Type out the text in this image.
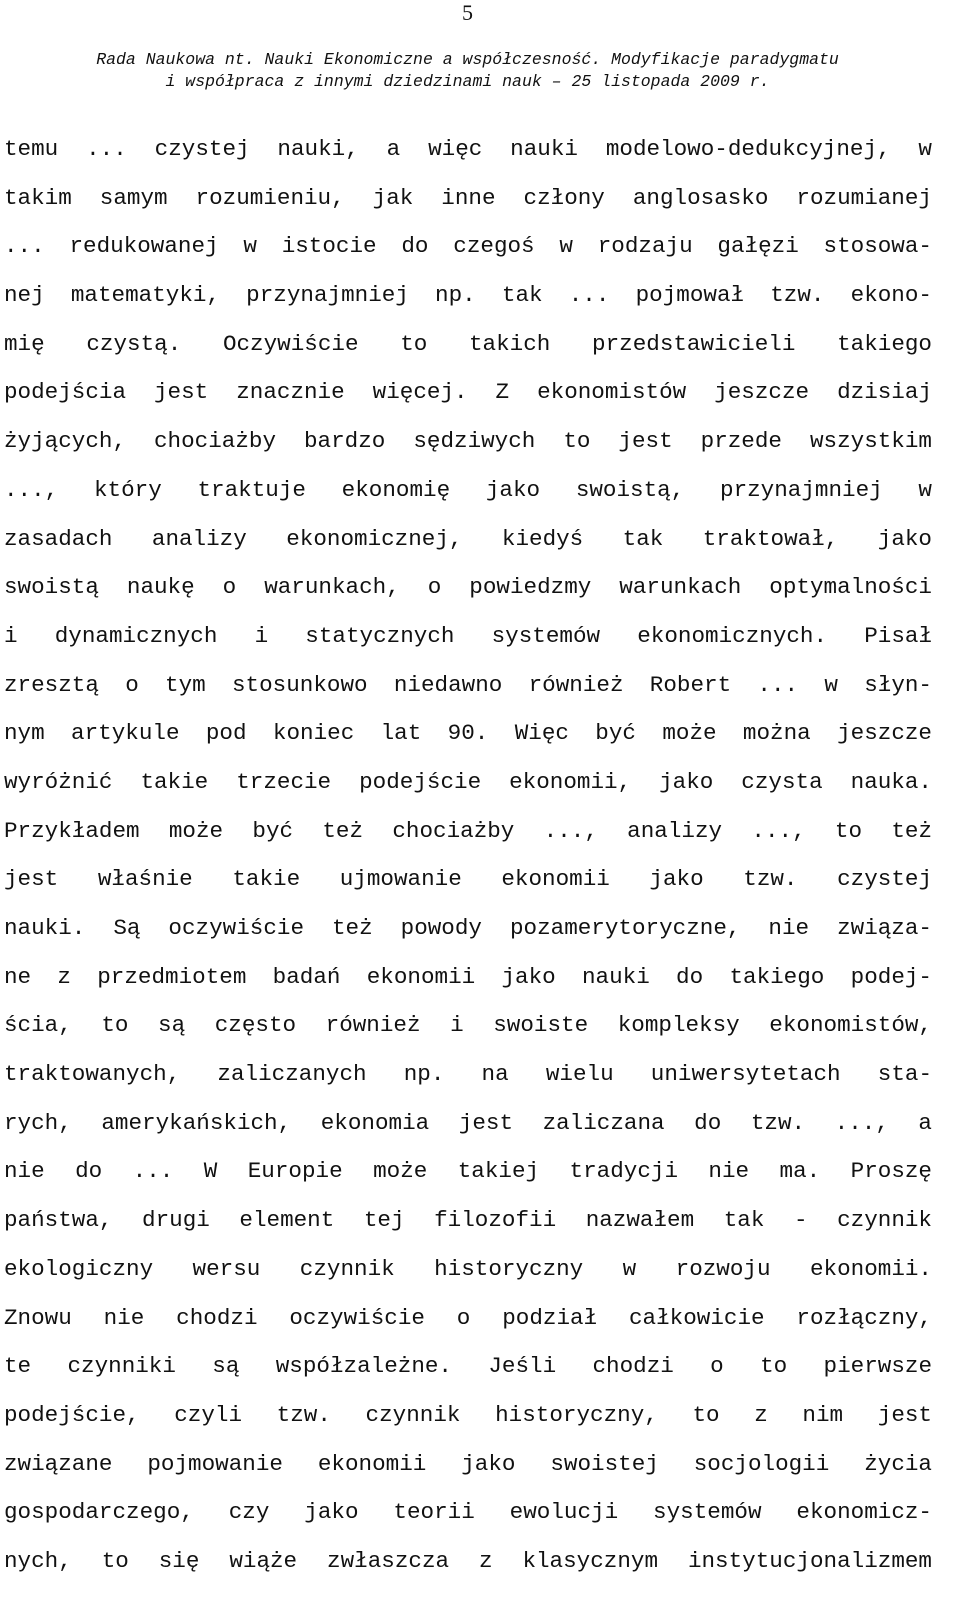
5
Rada Naukowa nt. Nauki Ekonomiczne a współczesność. Modyfikacje paradygmatu
i współpraca z innymi dziedzinami nauk – 25 listopada 2009 r.
temu ... czystej nauki, a więc nauki modelowo-dedukcyjnej, w
takim samym rozumieniu, jak inne człony anglosasko rozumianej
... redukowanej w istocie do czegoś w rodzaju gałęzi stosowa-
nej matematyki, przynajmniej np. tak ... pojmował tzw. ekono-
mię czystą. Oczywiście to takich przedstawicieli takiego
podejścia jest znacznie więcej. Z ekonomistów jeszcze dzisiaj
żyjących, chociażby bardzo sędziwych to jest przede wszystkim
..., który traktuje ekonomię jako swoistą, przynajmniej w
zasadach analizy ekonomicznej, kiedyś tak traktował, jako
swoistą naukę o warunkach, o powiedzmy warunkach optymalności
i dynamicznych i statycznych systemów ekonomicznych. Pisał
zresztą o tym stosunkowo niedawno również Robert ... w słyn-
nym artykule pod koniec lat 90. Więc być może można jeszcze
wyróżnić takie trzecie podejście ekonomii, jako czysta nauka.
Przykładem może być też chociażby ..., analizy ..., to też
jest właśnie takie ujmowanie ekonomii jako tzw. czystej
nauki. Są oczywiście też powody pozamerytoryczne, nie związa-
ne z przedmiotem badań ekonomii jako nauki do takiego podej-
ścia, to są często również i swoiste kompleksy ekonomistów,
traktowanych, zaliczanych np. na wielu uniwersytetach sta-
rych, amerykańskich, ekonomia jest zaliczana do tzw. ..., a
nie do ... W Europie może takiej tradycji nie ma. Proszę
państwa, drugi element tej filozofii nazwałem tak - czynnik
ekologiczny wersu czynnik historyczny w rozwoju ekonomii.
Znowu nie chodzi oczywiście o podział całkowicie rozłączny,
te czynniki są współzależne. Jeśli chodzi o to pierwsze
podejście, czyli tzw. czynnik historyczny, to z nim jest
związane pojmowanie ekonomii jako swoistej socjologii życia
gospodarczego, czy jako teorii ewolucji systemów ekonomicz-
nych, to się wiąże zwłaszcza z klasycznym instytucjonalizmem
